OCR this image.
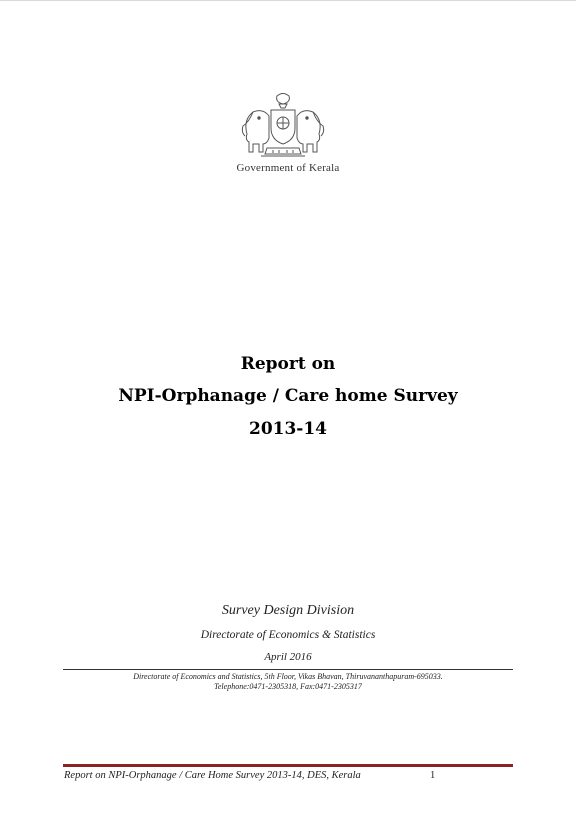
Government of Kerala
Report on
NPI-Orphanage / Care home Survey
2013-14
Survey Design Division
Directorate of Economics & Statistics
April 2016
Directorate of Economics and Statistics, 5th Floor, Vikas Bhavan, Thiruvananthapuram-695033.
Telephone:0471-2305318, Fax:0471-2305317
Report on NPI-Orphanage / Care Home Survey 2013-14, DES, Kerala	1
